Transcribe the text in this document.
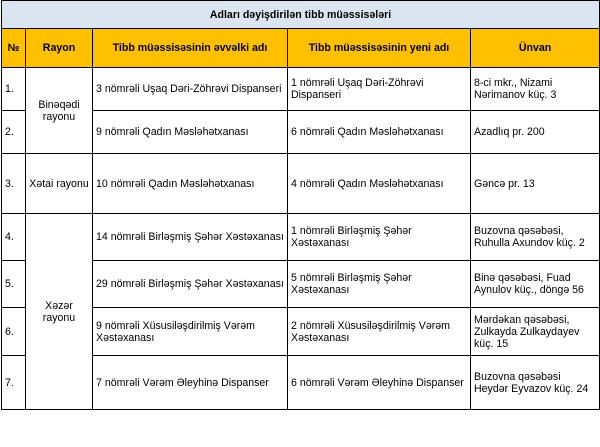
Adları dəyişdirilən tibb müəssisələri				
№	Rayon	Tibb müəssisəsinin əvvəlki adı	Tibb müəssisəsinin yeni adı	Ünvan
1.	Binəqədi rayonu	3 nömrəli Uşaq Dəri-Zöhrəvi Dispanseri	1 nömrəli Uşaq Dəri-Zöhrəvi Dispanseri	8-ci mkr., Nizami Nərimanov küç. 3
2.		9 nömrəli Qadın Məsləhətxanası	6 nömrəli Qadın Məsləhətxanası	Azadlıq pr. 200
3.	Xətai rayonu	10 nömrəli Qadın Məsləhətxanası	4 nömrəli Qadın Məsləhətxanası	Gəncə pr. 13
4.	Xəzər rayonu	14 nömrəli Birləşmiş Şəhər Xəstəxanası	1 nömrəli Birləşmiş Şəhər Xəstəxanası	Buzovna qəsəbəsi, Ruhulla Axundov küç. 2
5.		29 nömrəli Birləşmiş Şəhər Xəstəxanası	5 nömrəli Birləşmiş Şəhər Xəstəxanası	Binə qəsəbəsi, Fuad Aynulov küç., döngə 56
6.		9 nömrəli Xüsusiləşdirilmiş Vərəm Xəstəxanası	2 nömrəli Xüsusiləşdirilmiş Vərəm Xəstəxanası	Mərdəkan qəsəbəsi, Zulkayda Zulkaydayev küç. 15
7.		7 nömrəli Vərəm Əleyhinə Dispanser	6 nömrəli Vərəm Əleyhinə Dispanser	Buzovna qəsəbəsi Heydər Eyvazov küç. 24
